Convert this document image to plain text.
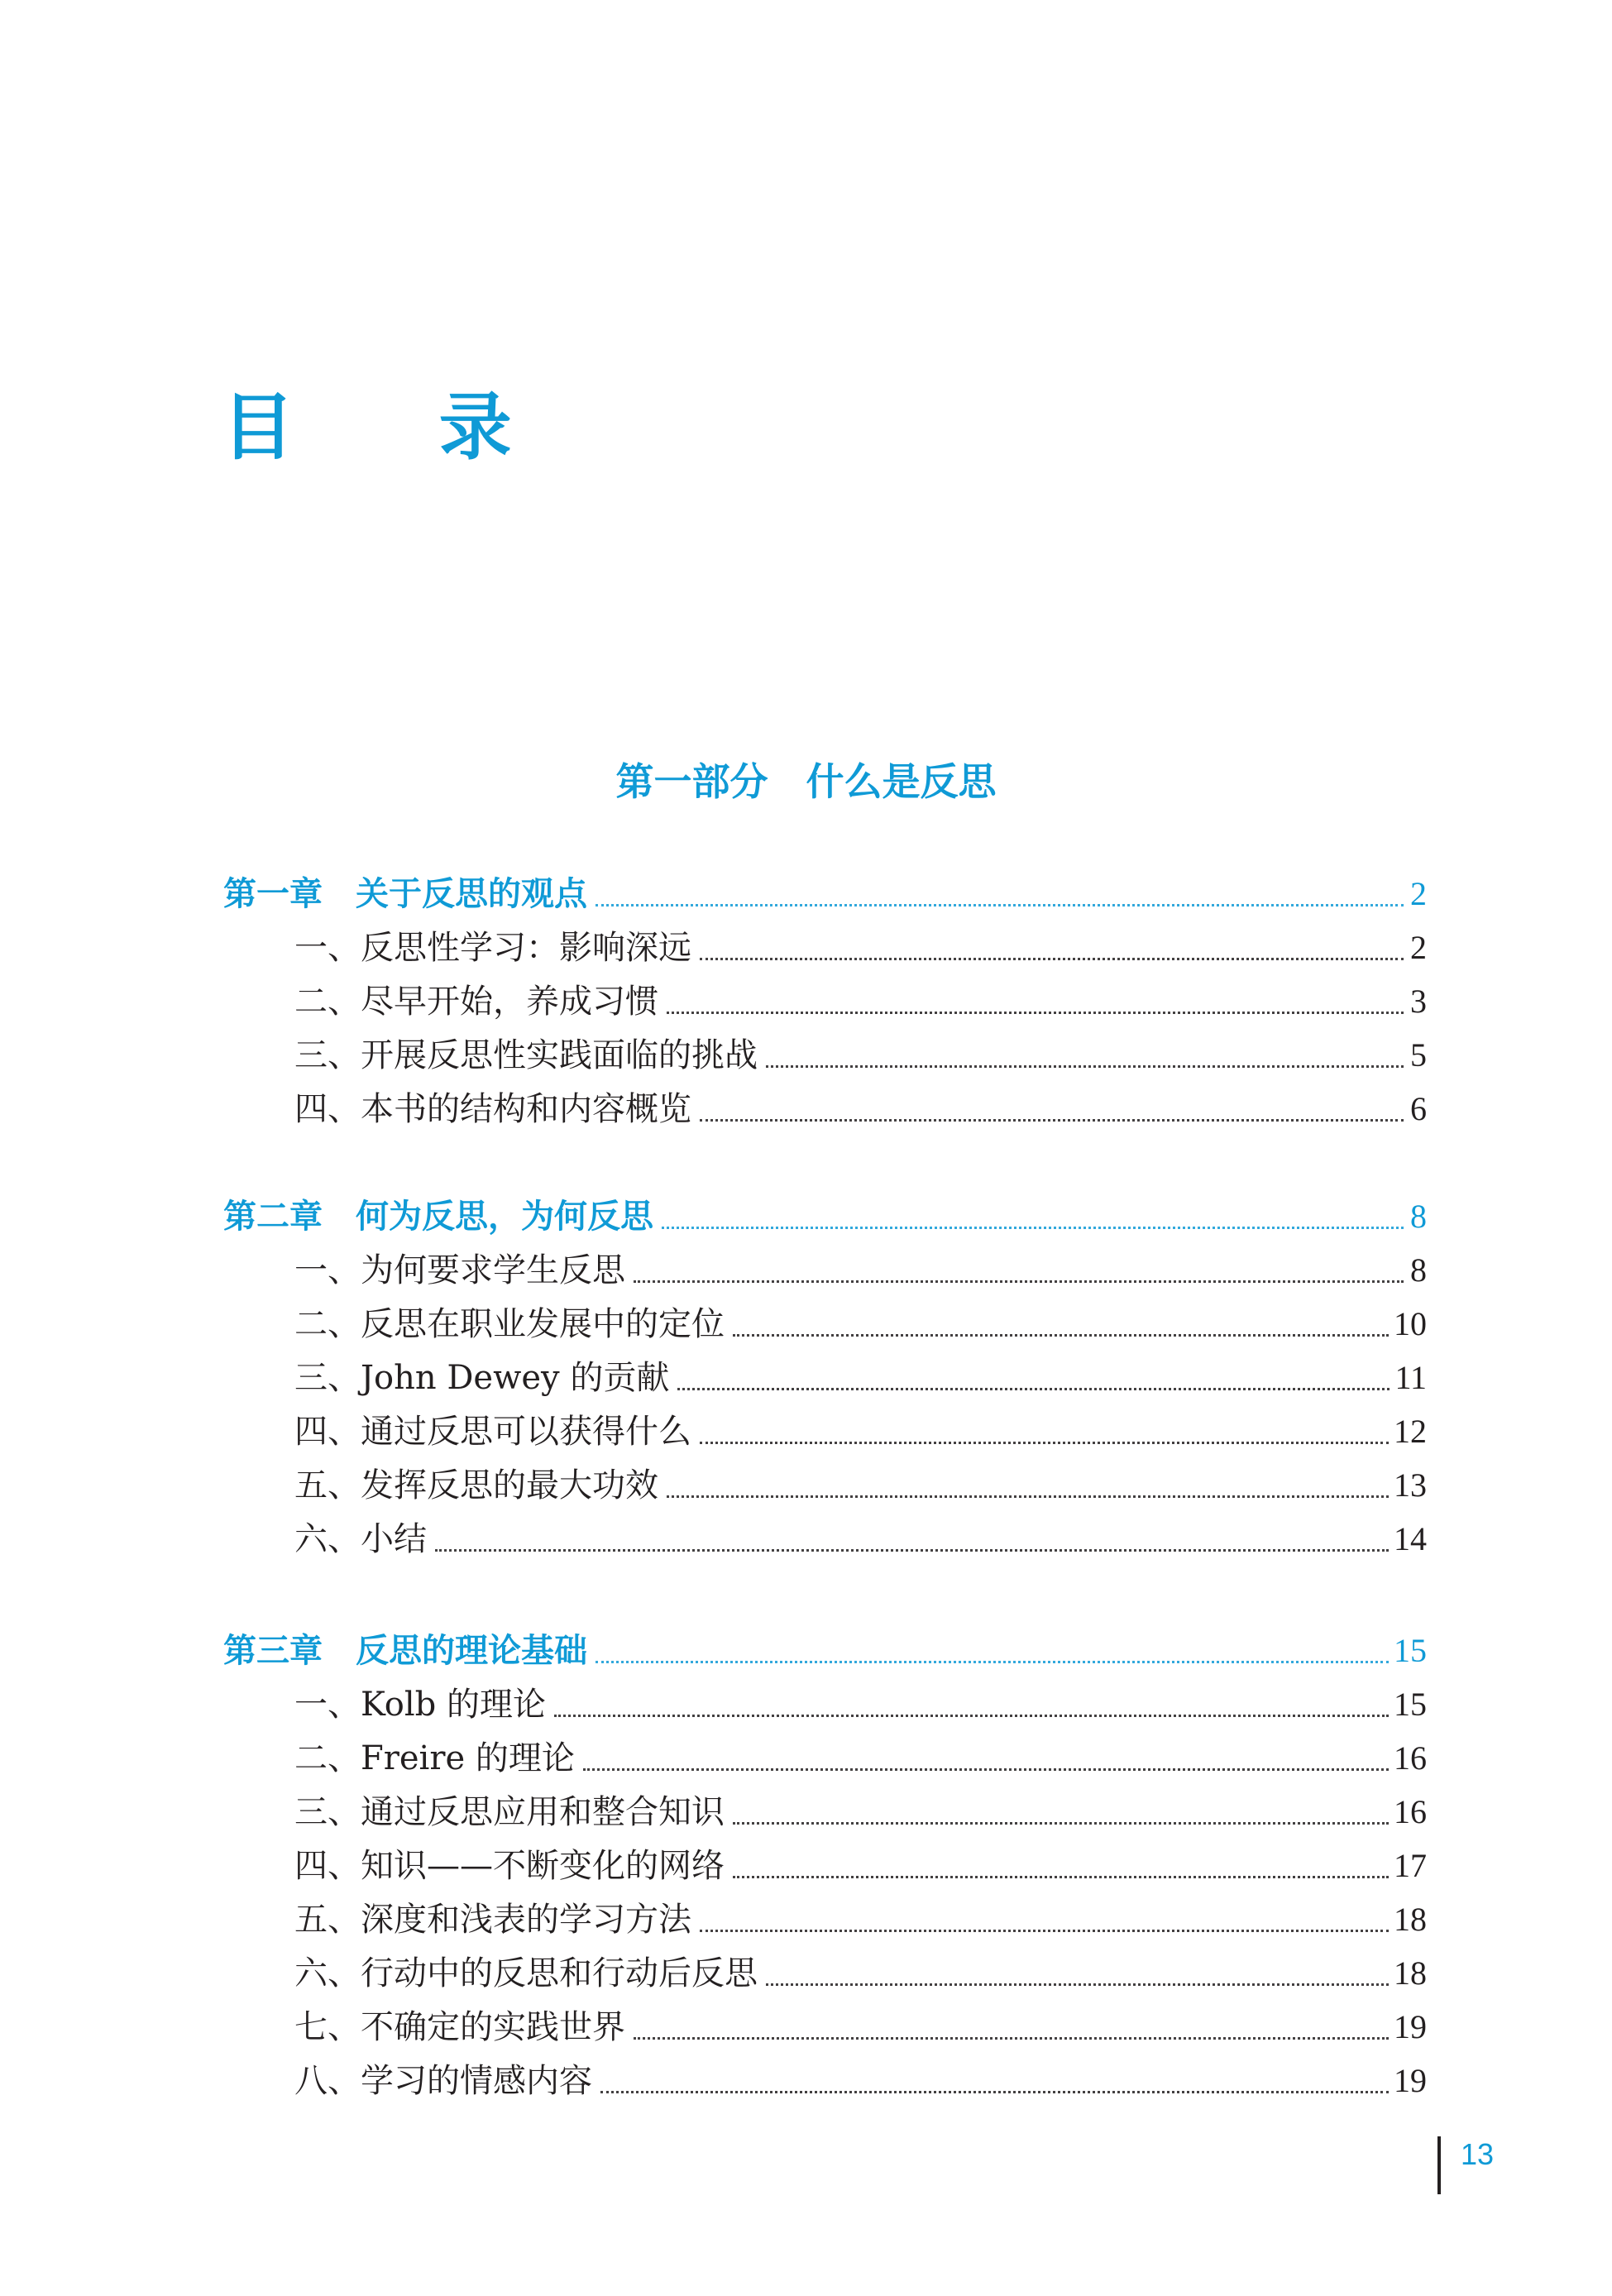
目 录
第一部分　什么是反思
第一章　关于反思的观点	2
一、反思性学习：影响深远	2
二、尽早开始，养成习惯	3
三、开展反思性实践面临的挑战	5
四、本书的结构和内容概览	6
第二章　何为反思，为何反思	8
一、为何要求学生反思	8
二、反思在职业发展中的定位	10
三、John Dewey 的贡献	11
四、通过反思可以获得什么	12
五、发挥反思的最大功效	13
六、小结	14
第三章　反思的理论基础	15
一、Kolb 的理论	15
二、Freire 的理论	16
三、通过反思应用和整合知识	16
四、知识——不断变化的网络	17
五、深度和浅表的学习方法	18
六、行动中的反思和行动后反思	18
七、不确定的实践世界	19
八、学习的情感内容	19
13
